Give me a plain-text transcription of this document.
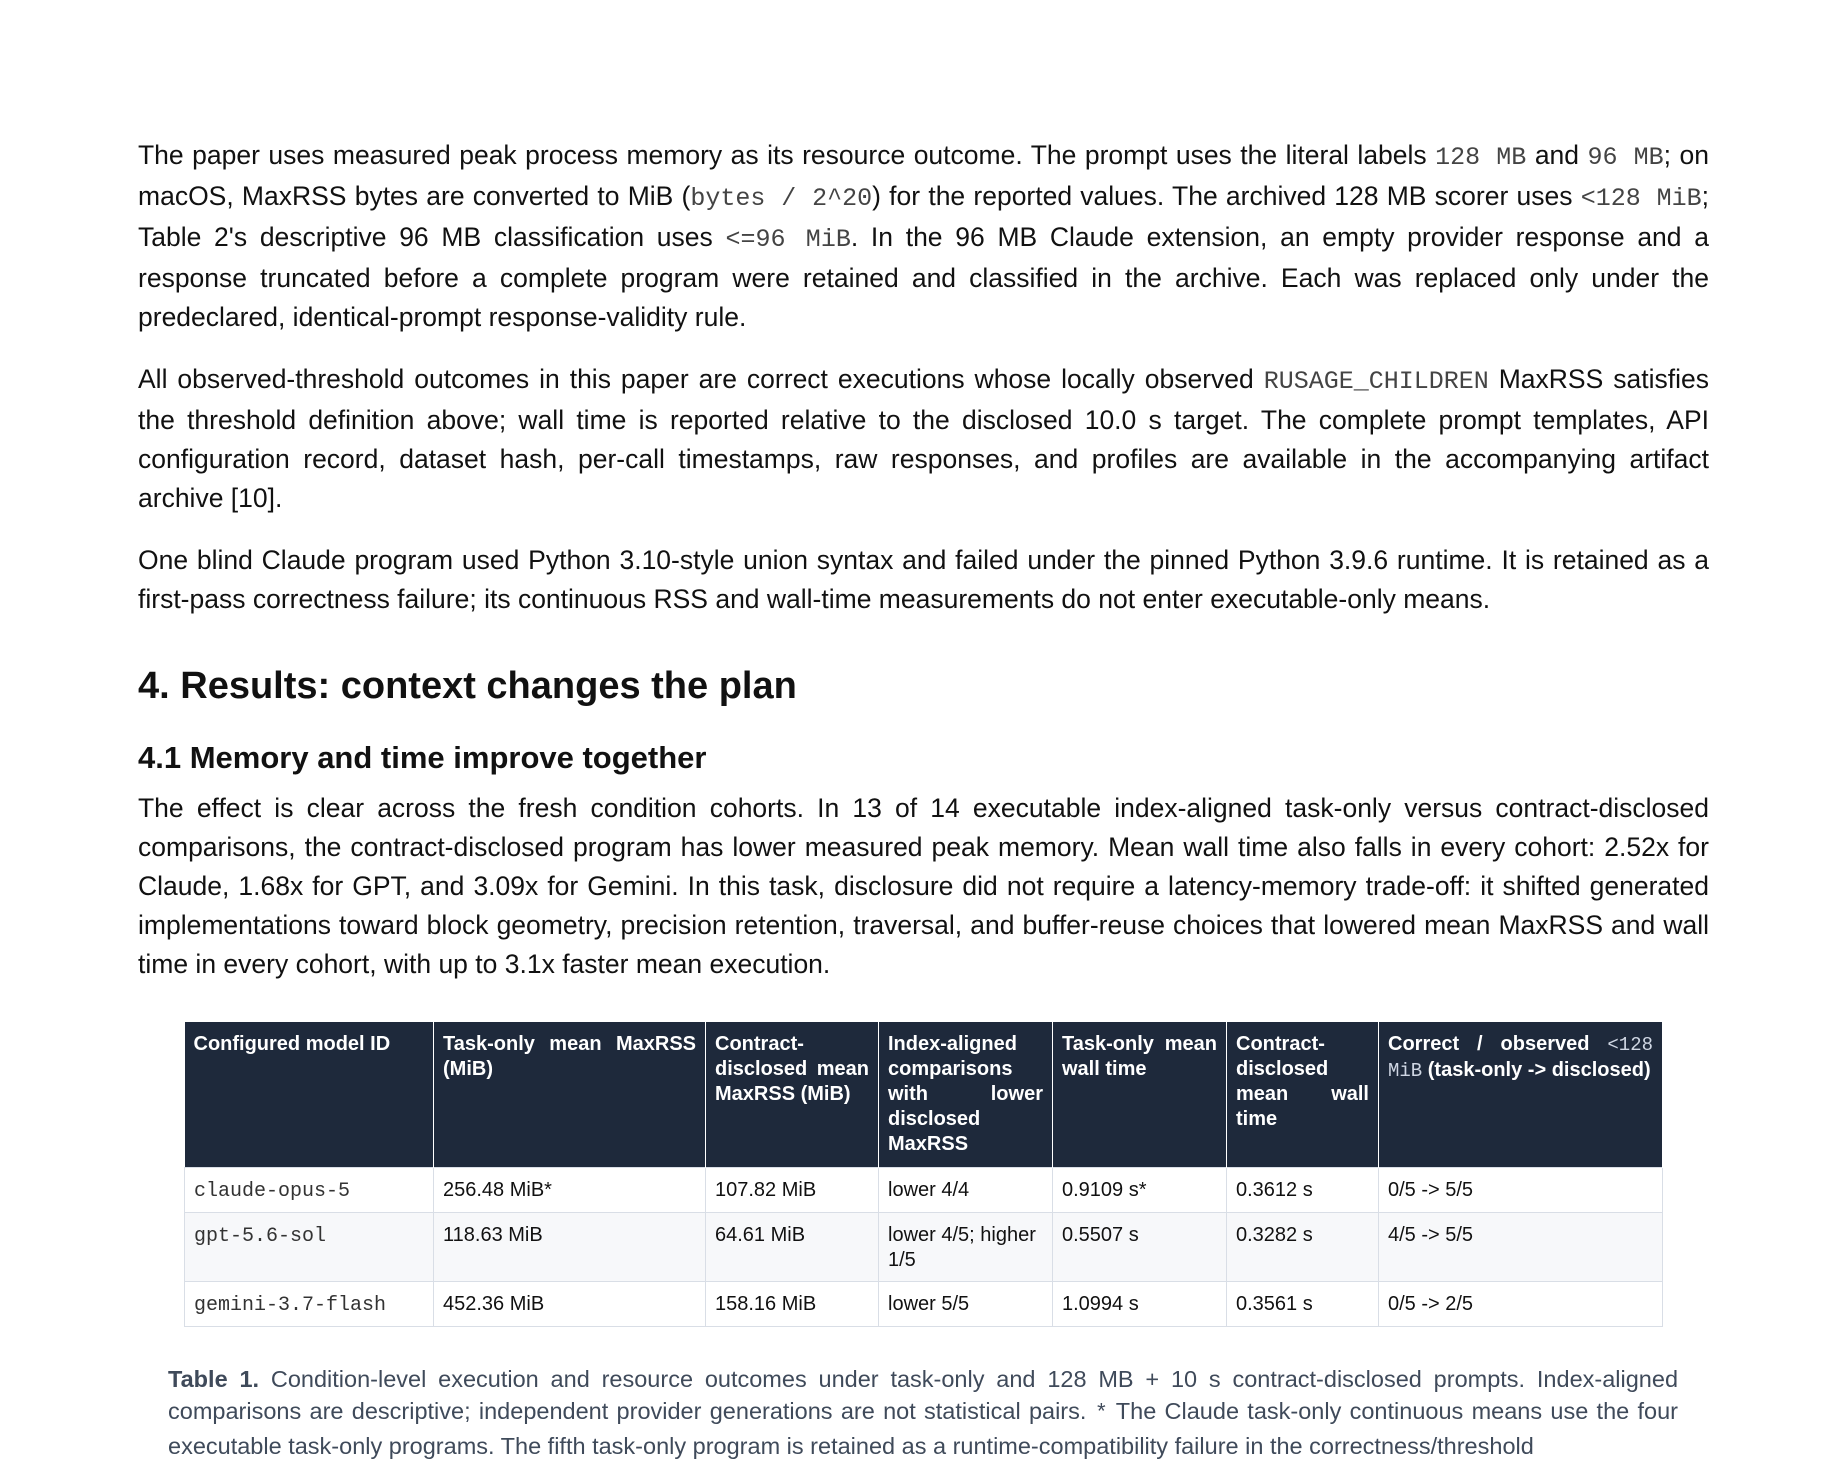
The paper uses measured peak process memory as its resource outcome. The prompt uses the literal labels 128 MB and 96 MB; on macOS, MaxRSS bytes are converted to MiB (bytes / 2^20) for the reported values. The archived 128 MB scorer uses <128 MiB; Table 2's descriptive 96 MB classification uses <=96 MiB. In the 96 MB Claude extension, an empty provider response and a response truncated before a complete program were retained and classified in the archive. Each was replaced only under the predeclared, identical-prompt response-validity rule.

All observed-threshold outcomes in this paper are correct executions whose locally observed RUSAGE_CHILDREN MaxRSS satisfies the threshold definition above; wall time is reported relative to the disclosed 10.0 s target. The complete prompt templates, API configuration record, dataset hash, per-call timestamps, raw responses, and profiles are available in the accompanying artifact archive [10].

One blind Claude program used Python 3.10-style union syntax and failed under the pinned Python 3.9.6 runtime. It is retained as a first-pass correctness failure; its continuous RSS and wall-time measurements do not enter executable-only means.

4. Results: context changes the plan
4.1 Memory and time improve together

The effect is clear across the fresh condition cohorts. In 13 of 14 executable index-aligned task-only versus contract-disclosed comparisons, the contract-disclosed program has lower measured peak memory. Mean wall time also falls in every cohort: 2.52x for Claude, 1.68x for GPT, and 3.09x for Gemini. In this task, disclosure did not require a latency-memory trade-off: it shifted generated implementations toward block geometry, precision retention, traversal, and buffer-reuse choices that lowered mean MaxRSS and wall time in every cohort, with up to 3.1x faster mean execution.

Configured model ID	Task-only mean MaxRSS (MiB)	Contract-disclosed mean MaxRSS (MiB)	Index-aligned comparisons with lower disclosed MaxRSS	Task-only mean wall time	Contract-disclosed mean wall time	Correct / observed <128 MiB (task-only -> disclosed)
claude-opus-5	256.48 MiB*	107.82 MiB	lower 4/4	0.9109 s*	0.3612 s	0/5 -> 5/5
gpt-5.6-sol	118.63 MiB	64.61 MiB	lower 4/5; higher 1/5	0.5507 s	0.3282 s	4/5 -> 5/5
gemini-3.7-flash	452.36 MiB	158.16 MiB	lower 5/5	1.0994 s	0.3561 s	0/5 -> 2/5
Table 1. Condition-level execution and resource outcomes under task-only and 128 MB + 10 s contract-disclosed prompts. Index-aligned comparisons are descriptive; independent provider generations are not statistical pairs. * The Claude task-only continuous means use the four executable task-only programs. The fifth task-only program is retained as a runtime-compatibility failure in the correctness/threshold
